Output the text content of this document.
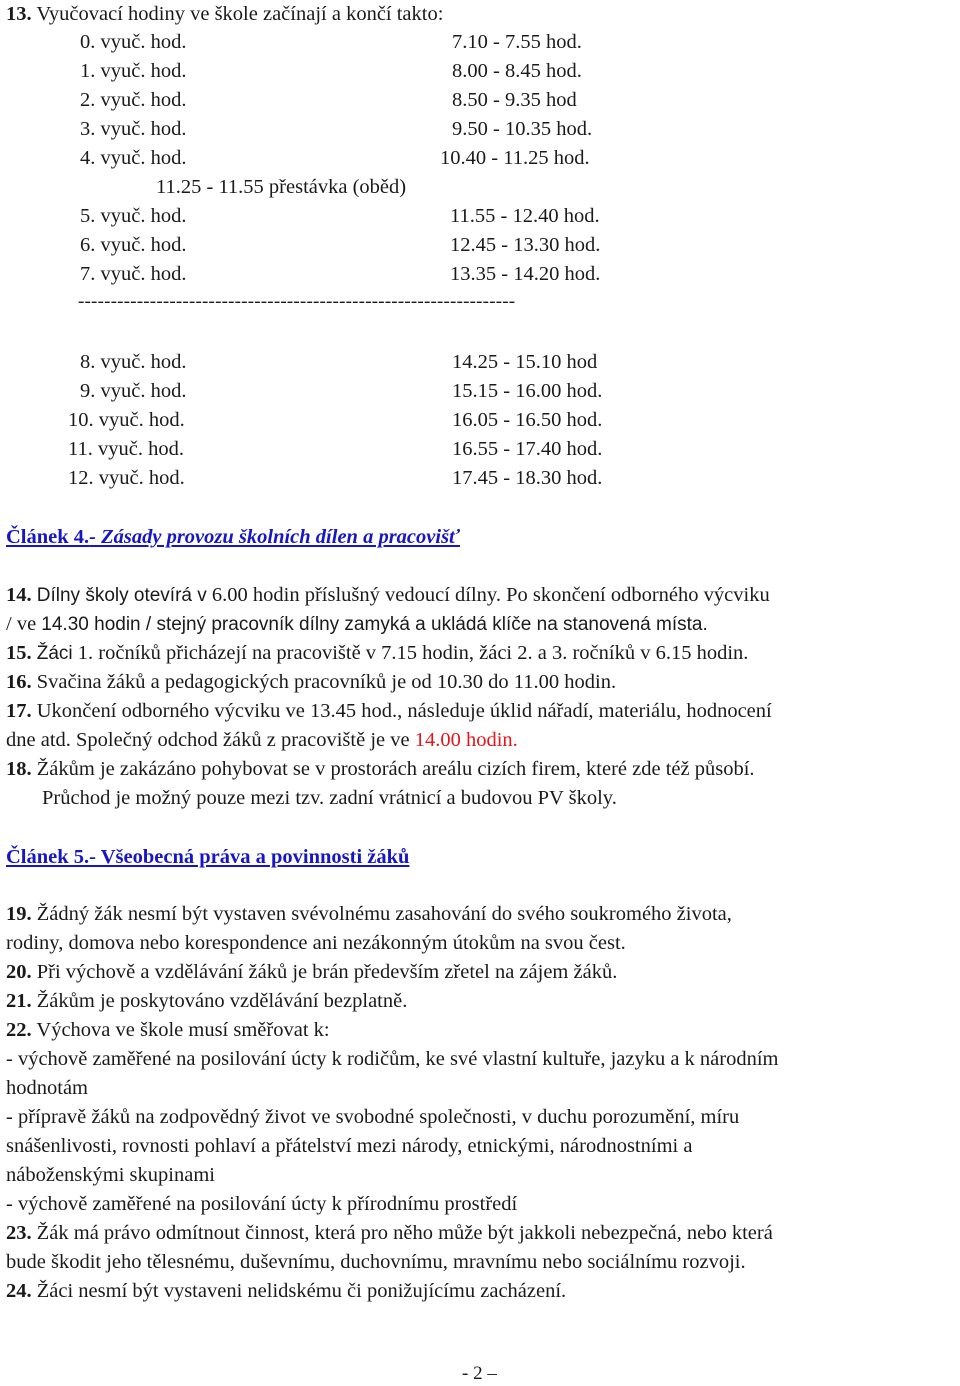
13. Vyučovací hodiny ve škole začínají a končí takto:
0. vyuč. hod.	7.10 - 7.55 hod.
1. vyuč. hod.	8.00 - 8.45 hod.
2. vyuč. hod.	8.50 - 9.35 hod
3. vyuč. hod.	9.50 - 10.35 hod.
4. vyuč. hod.	10.40 - 11.25 hod.
11.25 - 11.55 přestávka (oběd)
5. vyuč. hod.	11.55 - 12.40 hod.
6. vyuč. hod.	12.45 - 13.30 hod.
7. vyuč. hod.	13.35 - 14.20 hod.
-------------------------------------------------------------------
8. vyuč. hod.	14.25 - 15.10 hod
9. vyuč. hod.	15.15 - 16.00 hod.
10. vyuč. hod.	16.05 - 16.50 hod.
11. vyuč. hod.	16.55 - 17.40 hod.
12. vyuč. hod.	17.45 - 18.30 hod.
Článek 4.- Zásady provozu školních dílen a pracovišť
14. Dílny školy otevírá v 6.00 hodin příslušný vedoucí dílny. Po skončení odborného výcviku
/ ve 14.30 hodin / stejný pracovník dílny zamyká a ukládá klíče na stanovená místa.
15. Žáci 1. ročníků přicházejí na pracoviště v 7.15 hodin, žáci 2. a 3. ročníků v 6.15 hodin.
16. Svačina žáků a pedagogických pracovníků je od 10.30 do 11.00 hodin.
17. Ukončení odborného výcviku ve 13.45 hod., následuje úklid nářadí, materiálu, hodnocení
dne atd. Společný odchod žáků z pracoviště je ve 14.00 hodin.
18. Žákům je zakázáno pohybovat se v prostorách areálu cizích firem, které zde též působí.
Průchod je možný pouze mezi tzv. zadní vrátnicí a budovou PV školy.
Článek 5.- Všeobecná práva a povinnosti žáků
19. Žádný žák nesmí být vystaven svévolnému zasahování do svého soukromého života,
rodiny, domova nebo korespondence ani nezákonným útokům na svou čest.
20. Při výchově a vzdělávání žáků je brán především zřetel na zájem žáků.
21. Žákům je poskytováno vzdělávání bezplatně.
22. Výchova ve škole musí směřovat k:
- výchově zaměřené na posilování úcty k rodičům, ke své vlastní kultuře, jazyku a k národním
hodnotám
- přípravě žáků na zodpovědný život ve svobodné společnosti, v duchu porozumění, míru
snášenlivosti, rovnosti pohlaví a přátelství mezi národy, etnickými, národnostními a
náboženskými skupinami
- výchově zaměřené na posilování úcty k přírodnímu prostředí
23. Žák má právo odmítnout činnost, která pro něho může být jakkoli nebezpečná, nebo která
bude škodit jeho tělesnému, duševnímu, duchovnímu, mravnímu nebo sociálnímu rozvoji.
24. Žáci nesmí být vystaveni nelidskému či ponižujícímu zacházení.
- 2 –
